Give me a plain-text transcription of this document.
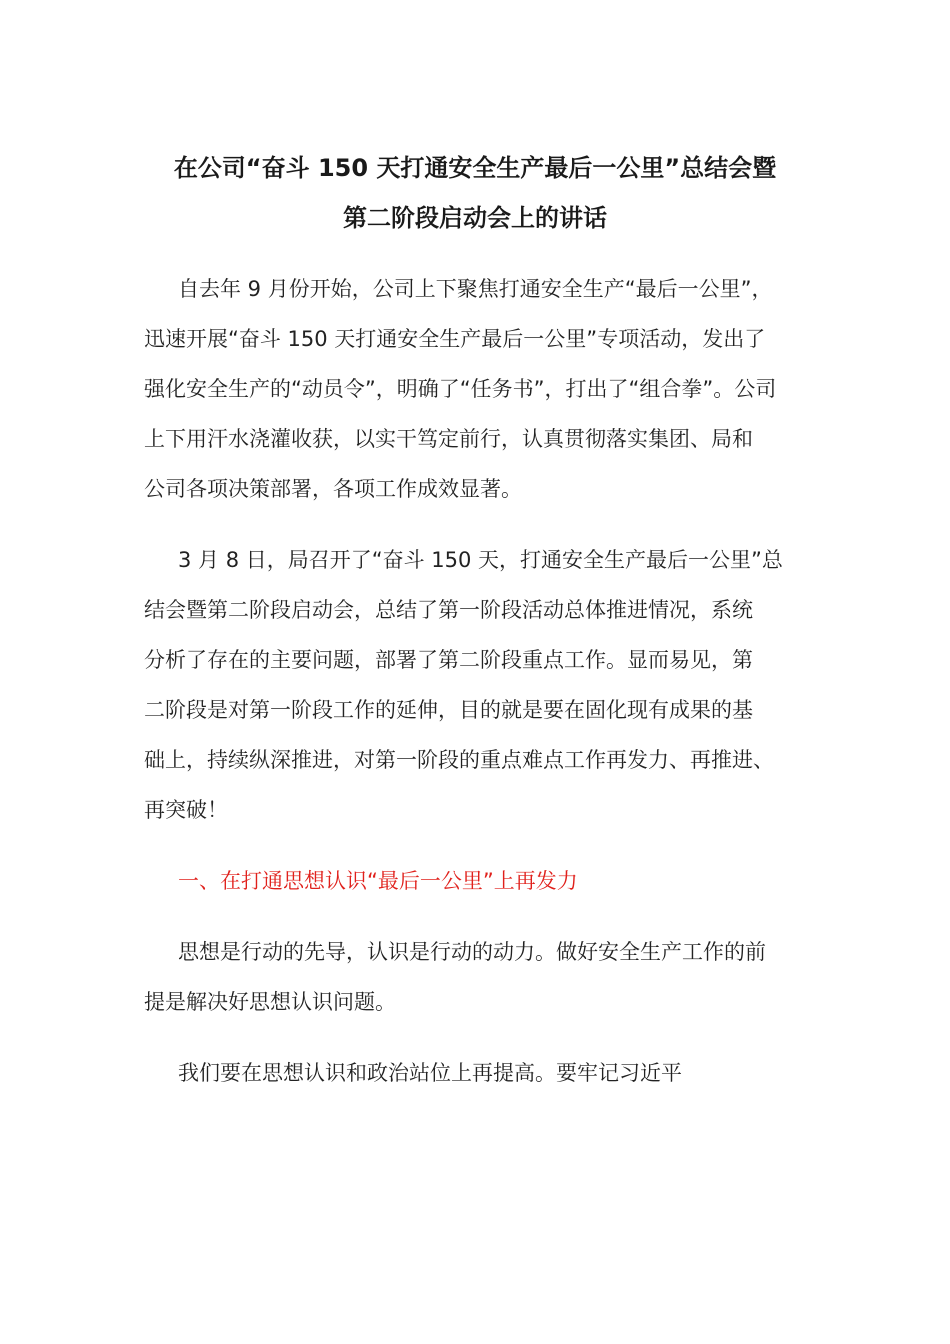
在公司“奋斗 150 天打通安全生产最后一公里”总结会暨
第二阶段启动会上的讲话
自去年 9 月份开始，公司上下聚焦打通安全生产“最后一公里”，
迅速开展“奋斗 150 天打通安全生产最后一公里”专项活动，发出了
强化安全生产的“动员令”，明确了“任务书”，打出了“组合拳”。公司
上下用汗水浇灌收获，以实干笃定前行，认真贯彻落实集团、局和
公司各项决策部署，各项工作成效显著。
3 月 8 日，局召开了“奋斗 150 天，打通安全生产最后一公里”总
结会暨第二阶段启动会，总结了第一阶段活动总体推进情况，系统
分析了存在的主要问题，部署了第二阶段重点工作。显而易见，第
二阶段是对第一阶段工作的延伸，目的就是要在固化现有成果的基
础上，持续纵深推进，对第一阶段的重点难点工作再发力、再推进、
再突破！
一、在打通思想认识“最后一公里”上再发力
思想是行动的先导，认识是行动的动力。做好安全生产工作的前
提是解决好思想认识问题。
我们要在思想认识和政治站位上再提高。要牢记习近平
